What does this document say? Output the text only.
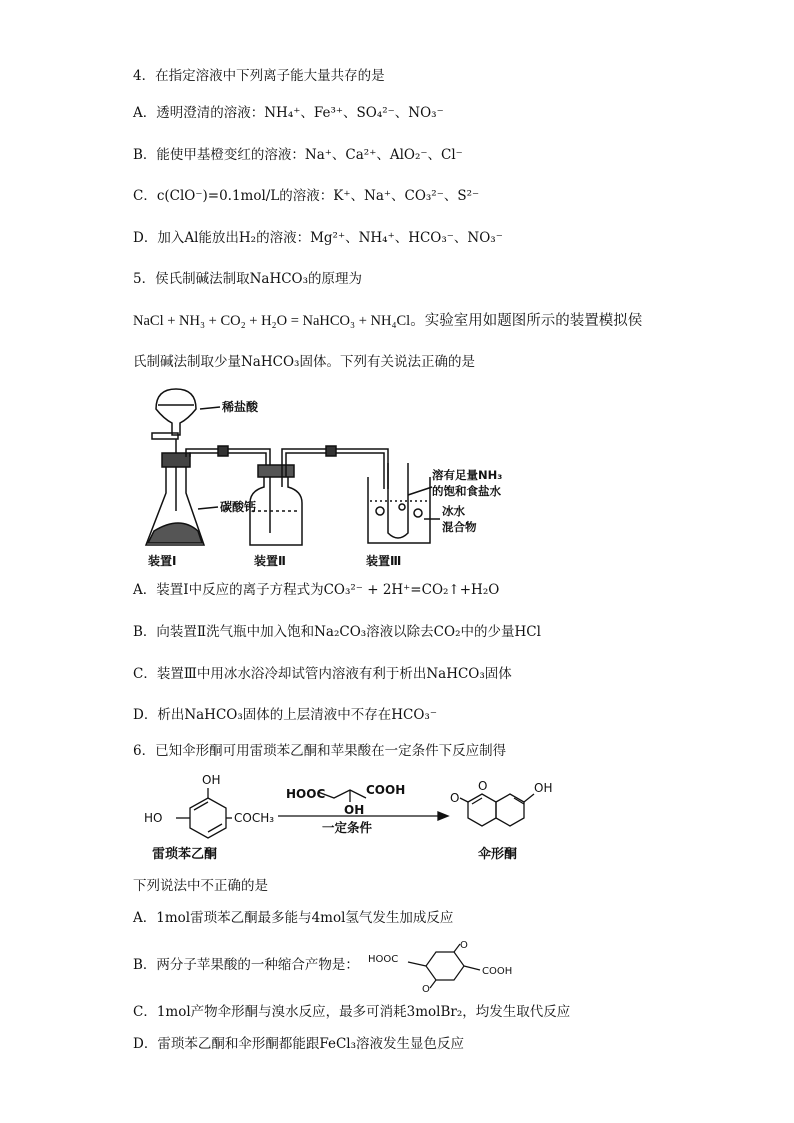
4．在指定溶液中下列离子能大量共存的是
A．透明澄清的溶液：NH₄⁺、Fe³⁺、SO₄²⁻、NO₃⁻
B．能使甲基橙变红的溶液：Na⁺、Ca²⁺、AlO₂⁻、Cl⁻
C．c(ClO⁻)=0.1mol/L的溶液：K⁺、Na⁺、CO₃²⁻、S²⁻
D．加入Al能放出H₂的溶液：Mg²⁺、NH₄⁺、HCO₃⁻、NO₃⁻
5．侯氏制碱法制取NaHCO₃的原理为
NaCl + NH₃ + CO₂ + H₂O = NaHCO₃ + NH₄Cl。实验室用如题图所示的装置模拟侯
氏制碱法制取少量NaHCO₃固体。下列有关说法正确的是
稀盐酸
碳酸钙
溶有足量NH₃
的饱和食盐水
冰水
混合物
装置Ⅰ	装置Ⅱ	装置Ⅲ
A．装置Ⅰ中反应的离子方程式为CO₃²⁻ + 2H⁺=CO₂↑+H₂O
B．向装置Ⅱ洗气瓶中加入饱和Na₂CO₃溶液以除去CO₂中的少量HCl
C．装置Ⅲ中用冰水浴冷却试管内溶液有利于析出NaHCO₃固体
D．析出NaHCO₃固体的上层清液中不存在HCO₃⁻
6．已知伞形酮可用雷琐苯乙酮和苹果酸在一定条件下反应制得
OH
HO	COCH₃
HOOC	COOH
OH
一定条件
O
O	OH
雷琐苯乙酮	伞形酮
下列说法中不正确的是
A．1mol雷琐苯乙酮最多能与4mol氢气发生加成反应
B．两分子苹果酸的一种缩合产物是： HOOC
COOH
O
O
C．1mol产物伞形酮与溴水反应，最多可消耗3molBr₂，均发生取代反应
D．雷琐苯乙酮和伞形酮都能跟FeCl₃溶液发生显色反应
